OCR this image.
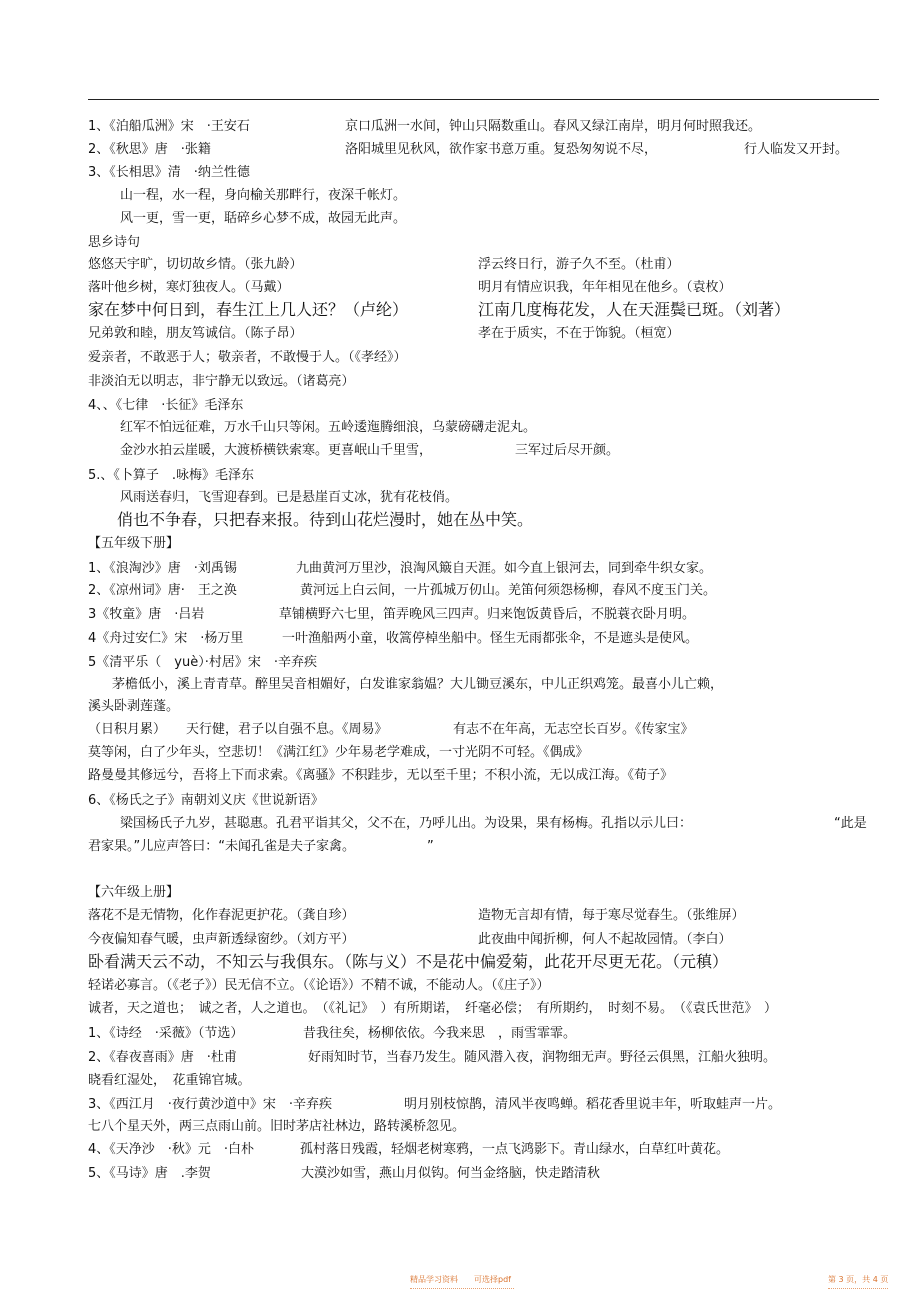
1、《泊船瓜洲》宋　·王安石	京口瓜洲一水间，钟山只隔数重山。春风又绿江南岸，明月何时照我还。
2、《秋思》唐　·张籍	洛阳城里见秋风，欲作家书意万重。复恐匆匆说不尽，	行人临发又开封。
3、《长相思》清　·纳兰性德
山一程，水一程，身向榆关那畔行，夜深千帐灯。
风一更，雪一更，聒碎乡心梦不成，故园无此声。
思乡诗句
悠悠天宇旷，切切故乡情。（张九龄）	浮云终日行，游子久不至。（杜甫）
落叶他乡树，寒灯独夜人。（马戴）	明月有情应识我，年年相见在他乡。（袁枚）
家在梦中何日到，春生江上几人还？（卢纶）	江南几度梅花发，人在天涯鬓已斑。（刘著）
兄弟敦和睦，朋友笃诚信。（陈子昂）	孝在于质实，不在于饰貌。（桓宽）
爱亲者，不敢恶于人；敬亲者，不敢慢于人。（《孝经》）
非淡泊无以明志，非宁静无以致远。（诸葛亮）
4、、《七律　·长征》毛泽东
红军不怕远征难，万水千山只等闲。五岭逶迤腾细浪，乌蒙磅礴走泥丸。
金沙水拍云崖暖，大渡桥横铁索寒。更喜岷山千里雪，	三军过后尽开颜。
5.、《卜算子　.咏梅》毛泽东
风雨送春归，飞雪迎春到。已是悬崖百丈冰，犹有花枝俏。
俏也不争春，只把春来报。待到山花烂漫时，她在丛中笑。
【五年级下册】
1、《浪淘沙》唐　·刘禹锡	九曲黄河万里沙，浪淘风簸自天涯。如今直上银河去，同到牵牛织女家。
2、《凉州词》唐·　王之涣	黄河远上白云间，一片孤城万仞山。羌笛何须怨杨柳，春风不度玉门关。
3《牧童》唐　·吕岩	草铺横野六七里，笛弄晚风三四声。归来饱饭黄昏后，不脱蓑衣卧月明。
4《舟过安仁》宋　·杨万里	一叶渔船两小童，收篙停棹坐船中。怪生无雨都张伞，不是遮头是使风。
5《清平乐（　yuè）·村居》宋　·辛弃疾
茅檐低小，溪上青青草。醉里吴音相媚好，白发谁家翁媪？大儿锄豆溪东，中儿正织鸡笼。最喜小儿亡赖，
溪头卧剥莲蓬。
（日积月累） 天行健，君子以自强不息。《周易》	有志不在年高，无志空长百岁。《传家宝》
莫等闲，白了少年头，空悲切！《满江红》少年易老学难成，一寸光阴不可轻。《偶成》
路曼曼其修远兮，吾将上下而求索。《离骚》不积跬步，无以至千里；不积小流，无以成江海。《荀子》
6、《杨氏之子》南朝刘义庆《世说新语》
梁国杨氏子九岁，甚聪惠。孔君平诣其父，父不在，乃呼儿出。为设果，果有杨梅。孔指以示儿曰：	“此是
君家果。”儿应声答曰：“未闻孔雀是夫子家禽。	”
【六年级上册】
落花不是无情物，化作春泥更护花。（龚自珍）	造物无言却有情，每于寒尽觉春生。（张维屏）
今夜偏知春气暖，虫声新透绿窗纱。（刘方平）	此夜曲中闻折柳，何人不起故园情。（李白）
卧看满天云不动，不知云与我俱东。（陈与义）不是花中偏爱菊，此花开尽更无花。（元稹）
轻诺必寡言。（《老子》）民无信不立。（《论语》）不精不诚，不能动人。（《庄子》）
诚者，天之道也；　诚之者，人之道也。　（《礼记》　）有所期诺，　纤毫必偿；　有所期约，　时刻不易。　（《袁氏世范》　）
1、《诗经　·采薇》（节选）	昔我往矣，杨柳依依。今我来思　，雨雪霏霏。
2、《春夜喜雨》唐　·杜甫	好雨知时节，当春乃发生。随风潜入夜，润物细无声。野径云俱黑，江船火独明。
晓看红湿处，　花重锦官城。
3、《西江月　·夜行黄沙道中》宋　·辛弃疾	明月别枝惊鹊，清风半夜鸣蝉。稻花香里说丰年，听取蛙声一片。
七八个星天外，两三点雨山前。旧时茅店社林边，路转溪桥忽见。
4、《天净沙　·秋》元　·白朴	孤村落日残霞，轻烟老树寒鸦，一点飞鸿影下。青山绿水，白草红叶黄花。
5、《马诗》唐　.李贺	大漠沙如雪，燕山月似钩。何当金络脑，快走踏清秋
精品学习资料　　可选择pdf	第 3 页，共 4 页
